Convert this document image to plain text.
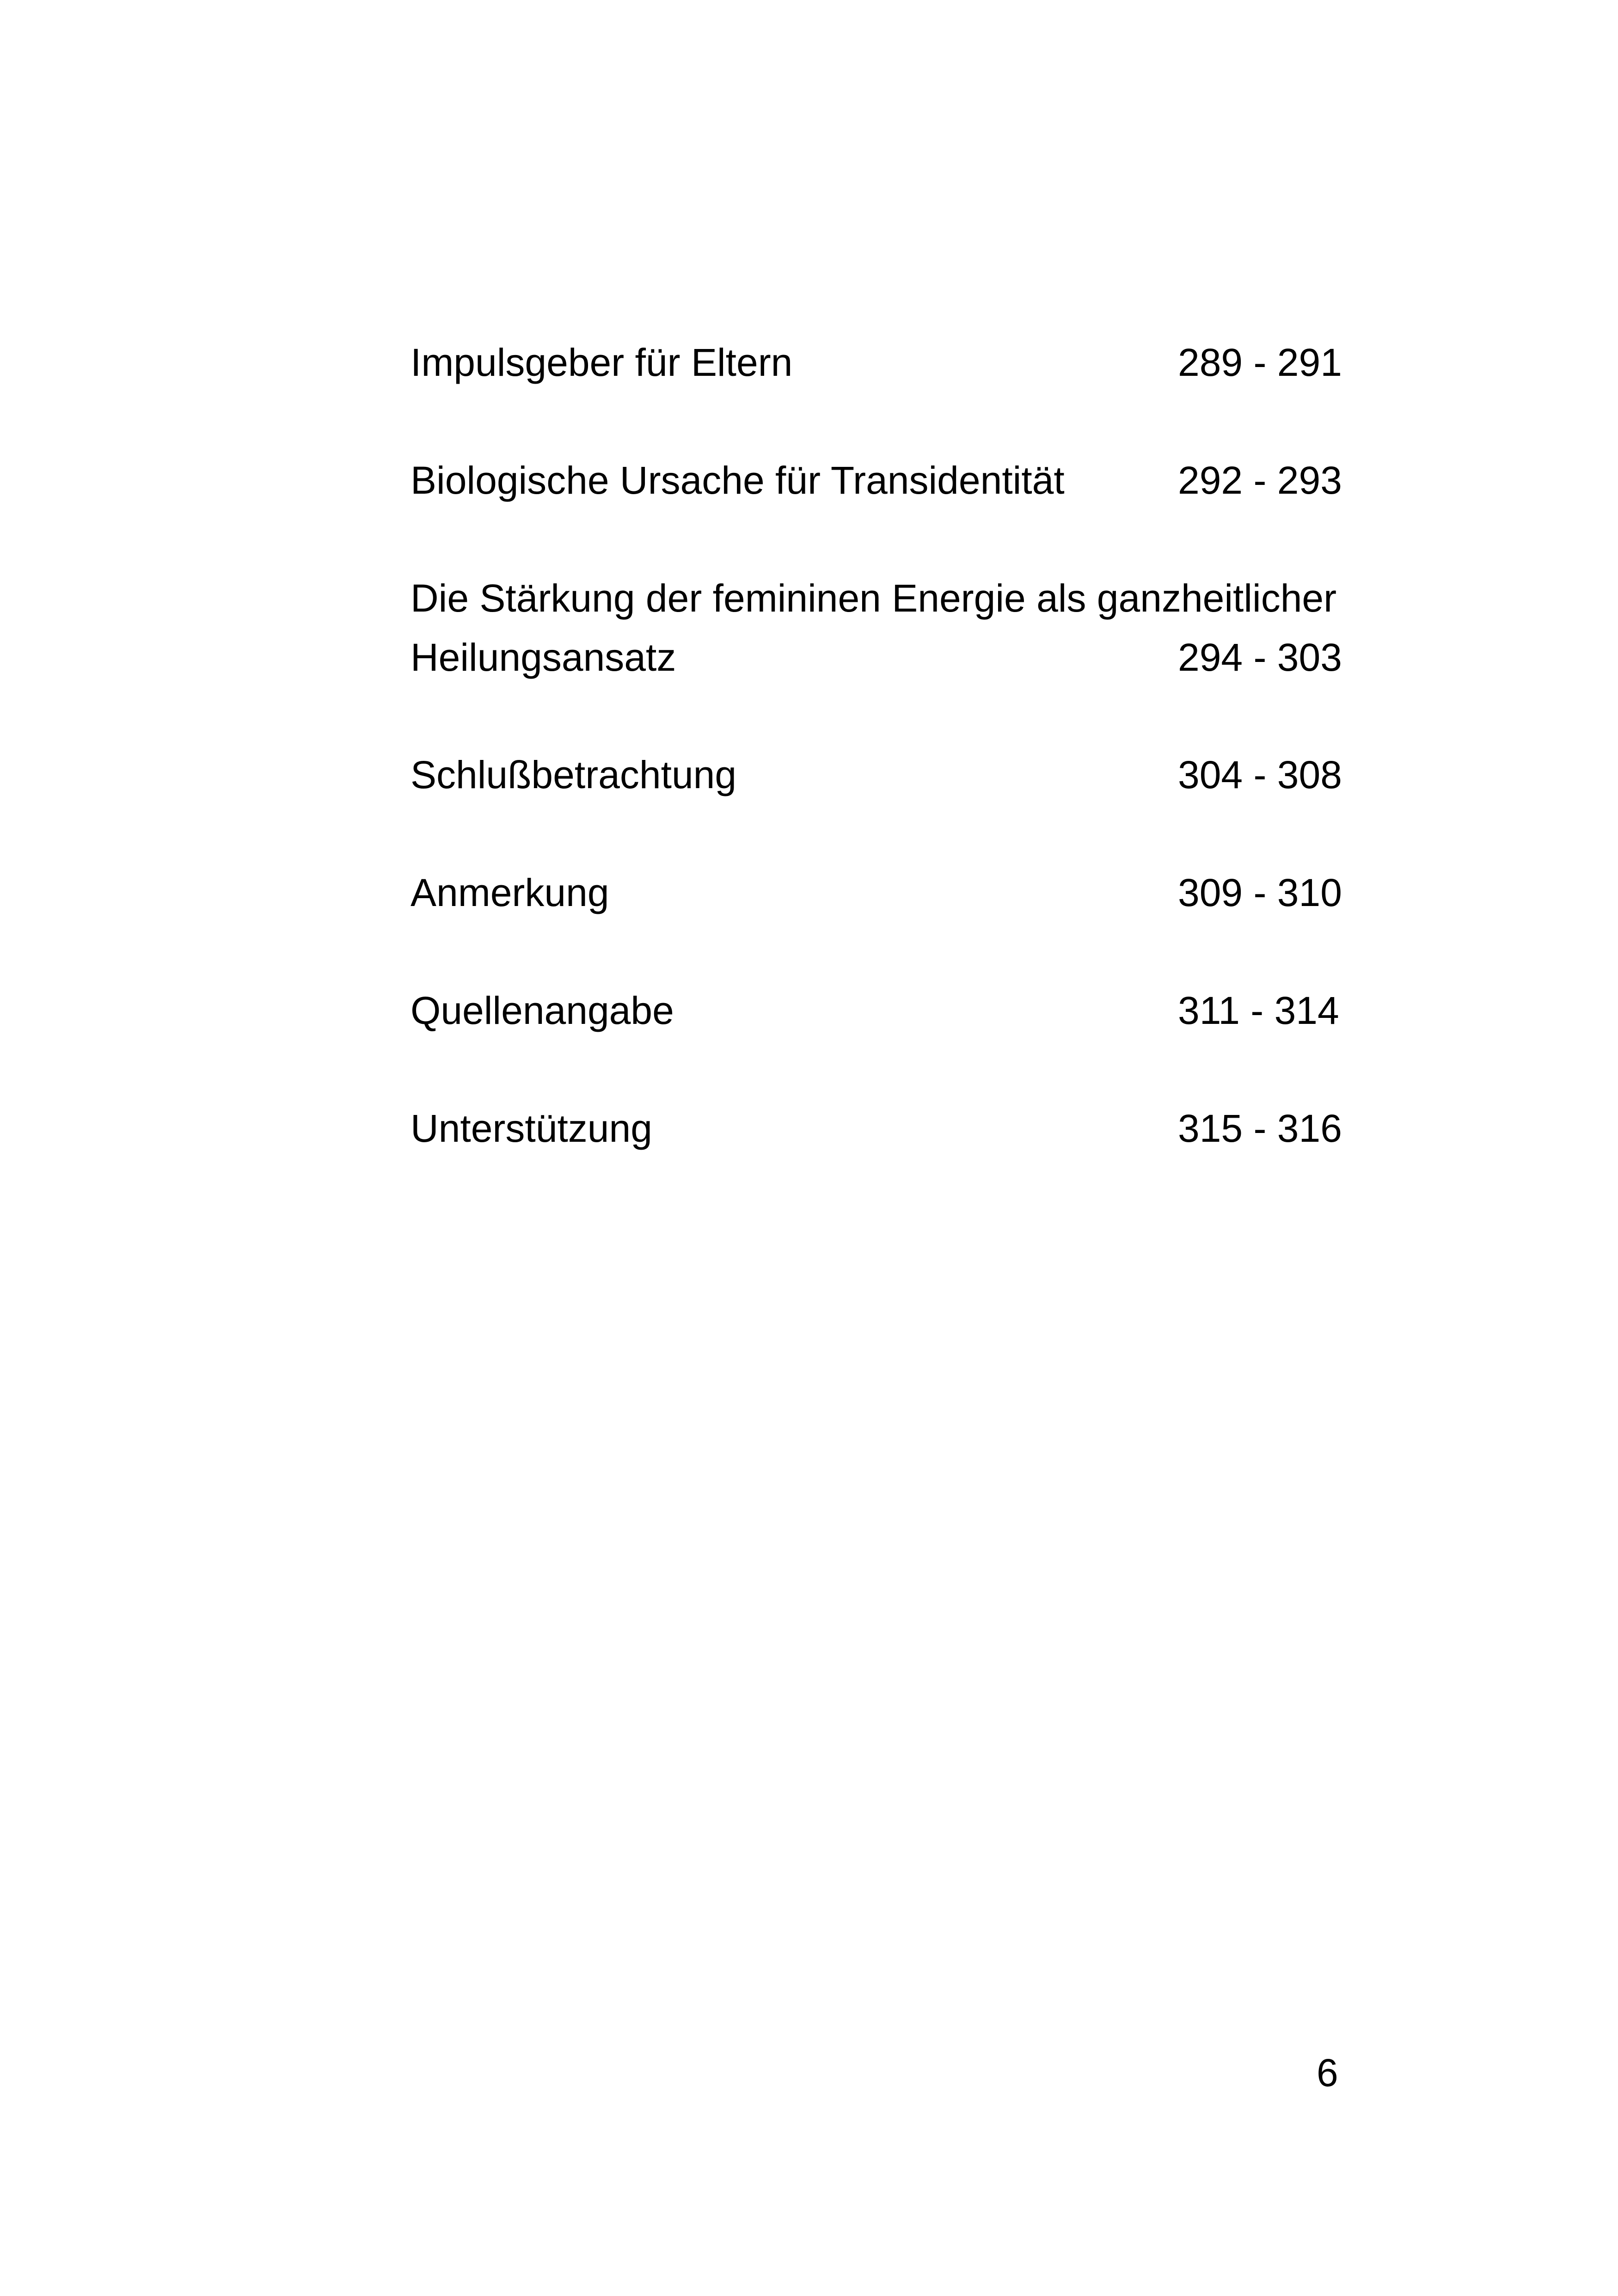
Impulsgeber für Eltern	289 - 291
Biologische Ursache für Transidentität	292 - 293
Die Stärkung der femininen Energie als ganzheitlicher
Heilungsansatz	294 - 303
Schlußbetrachtung	304 - 308
Anmerkung	309 - 310
Quellenangabe	311 - 314
Unterstützung	315 - 316
6
